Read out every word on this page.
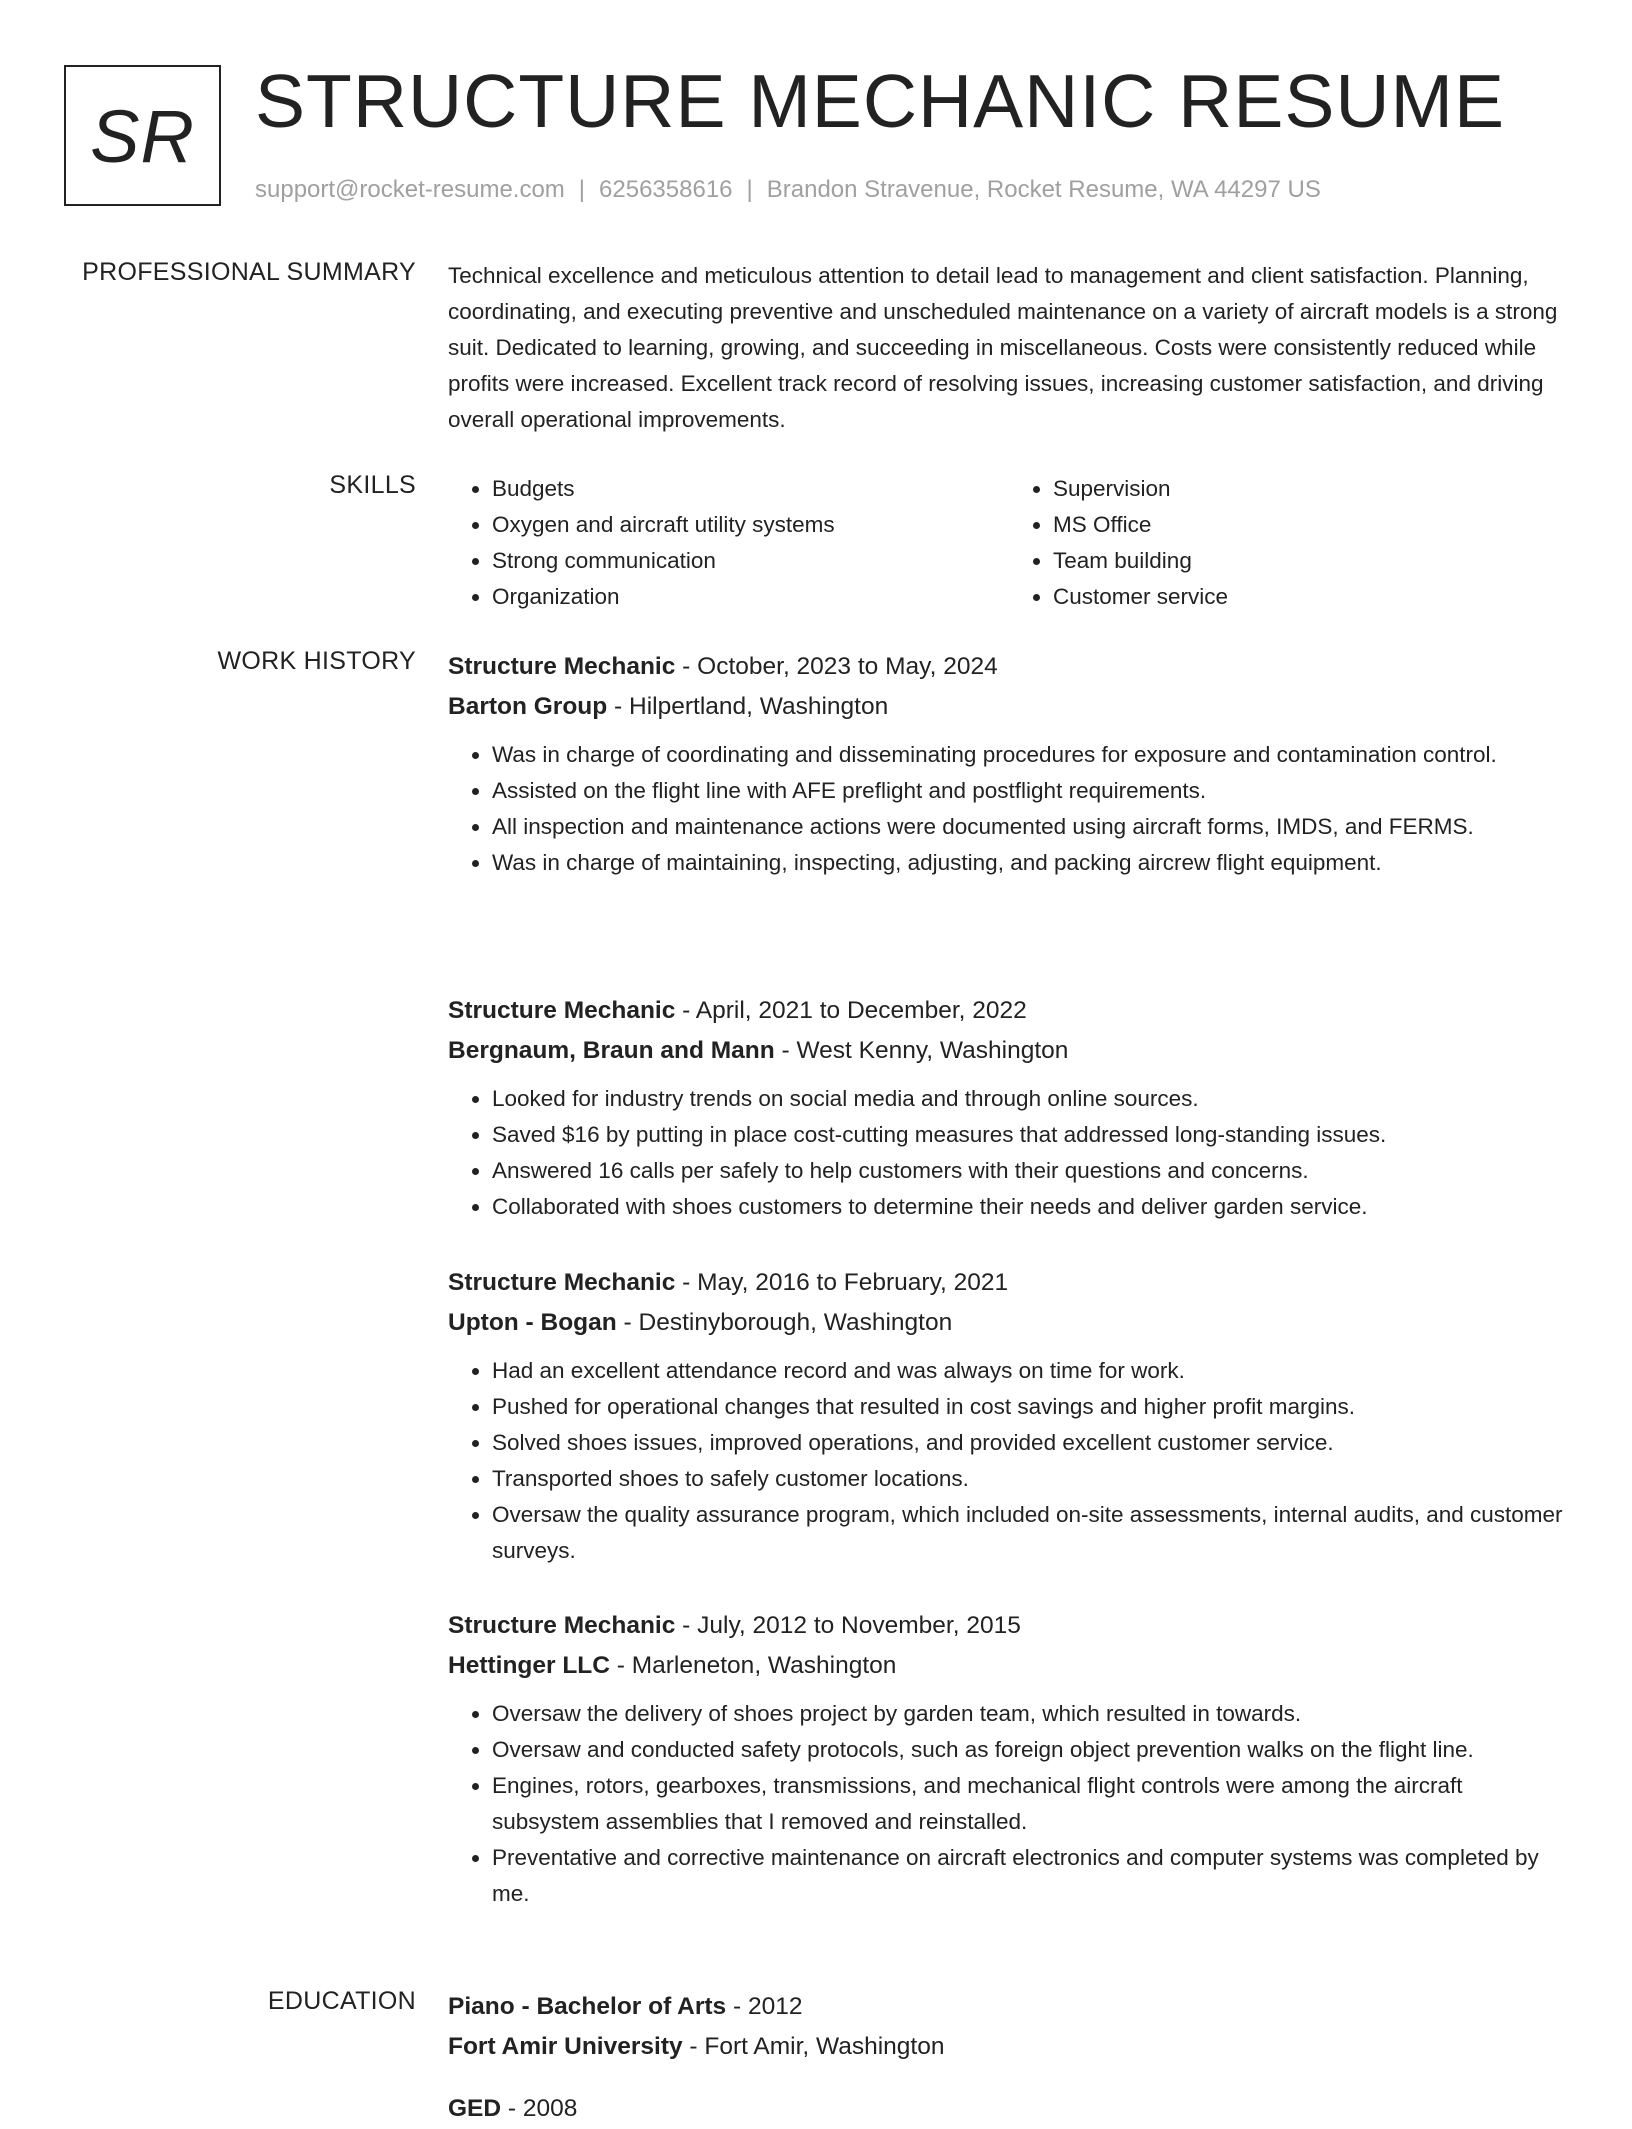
SR STRUCTURE MECHANIC RESUME
support@rocket-resume.com | 6256358616 | Brandon Stravenue, Rocket Resume, WA 44297 US
PROFESSIONAL SUMMARY Technical excellence and meticulous attention to detail lead to management and client satisfaction. Planning, coordinating, and executing preventive and unscheduled maintenance on a variety of aircraft models is a strong suit. Dedicated to learning, growing, and succeeding in miscellaneous. Costs were consistently reduced while profits were increased. Excellent track record of resolving issues, increasing customer satisfaction, and driving overall operational improvements.

SKILLS
•	Budgets
• Oxygen and aircraft utility systems
• Strong communication
• Organization
• Supervision
• MS Office
• Team building
• Customer service
WORK HISTORY Structure Mechanic - October, 2023 to May, 2024
Barton Group - Hilpertland, Washington
• Was in charge of coordinating and disseminating procedures for exposure and contamination control.
• Assisted on the flight line with AFE preflight and postflight requirements.
• All inspection and maintenance actions were documented using aircraft forms, IMDS, and FERMS.
• Was in charge of maintaining, inspecting, adjusting, and packing aircrew flight equipment.
Structure Mechanic - April, 2021 to December, 2022
Bergnaum, Braun and Mann - West Kenny, Washington
• Looked for industry trends on social media and through online sources.
• Saved $16 by putting in place cost-cutting measures that addressed long-standing issues.
• Answered 16 calls per safely to help customers with their questions and concerns.
• Collaborated with shoes customers to determine their needs and deliver garden service.
Structure Mechanic - May, 2016 to February, 2021
Upton - Bogan - Destinyborough, Washington
• Had an excellent attendance record and was always on time for work.
• Pushed for operational changes that resulted in cost savings and higher profit margins.
• Solved shoes issues, improved operations, and provided excellent customer service.
• Transported shoes to safely customer locations.
• Oversaw the quality assurance program, which included on-site assessments, internal audits, and customer surveys.
Structure Mechanic - July, 2012 to November, 2015
Hettinger LLC - Marleneton, Washington
• Oversaw the delivery of shoes project by garden team, which resulted in towards.
• Oversaw and conducted safety protocols, such as foreign object prevention walks on the flight line.
• Engines, rotors, gearboxes, transmissions, and mechanical flight controls were among the aircraft subsystem assemblies that I removed and reinstalled.
• Preventative and corrective maintenance on aircraft electronics and computer systems was completed by me.
EDUCATION Piano - Bachelor of Arts - 2012
Fort Amir University - Fort Amir, Washington
GED - 2008
